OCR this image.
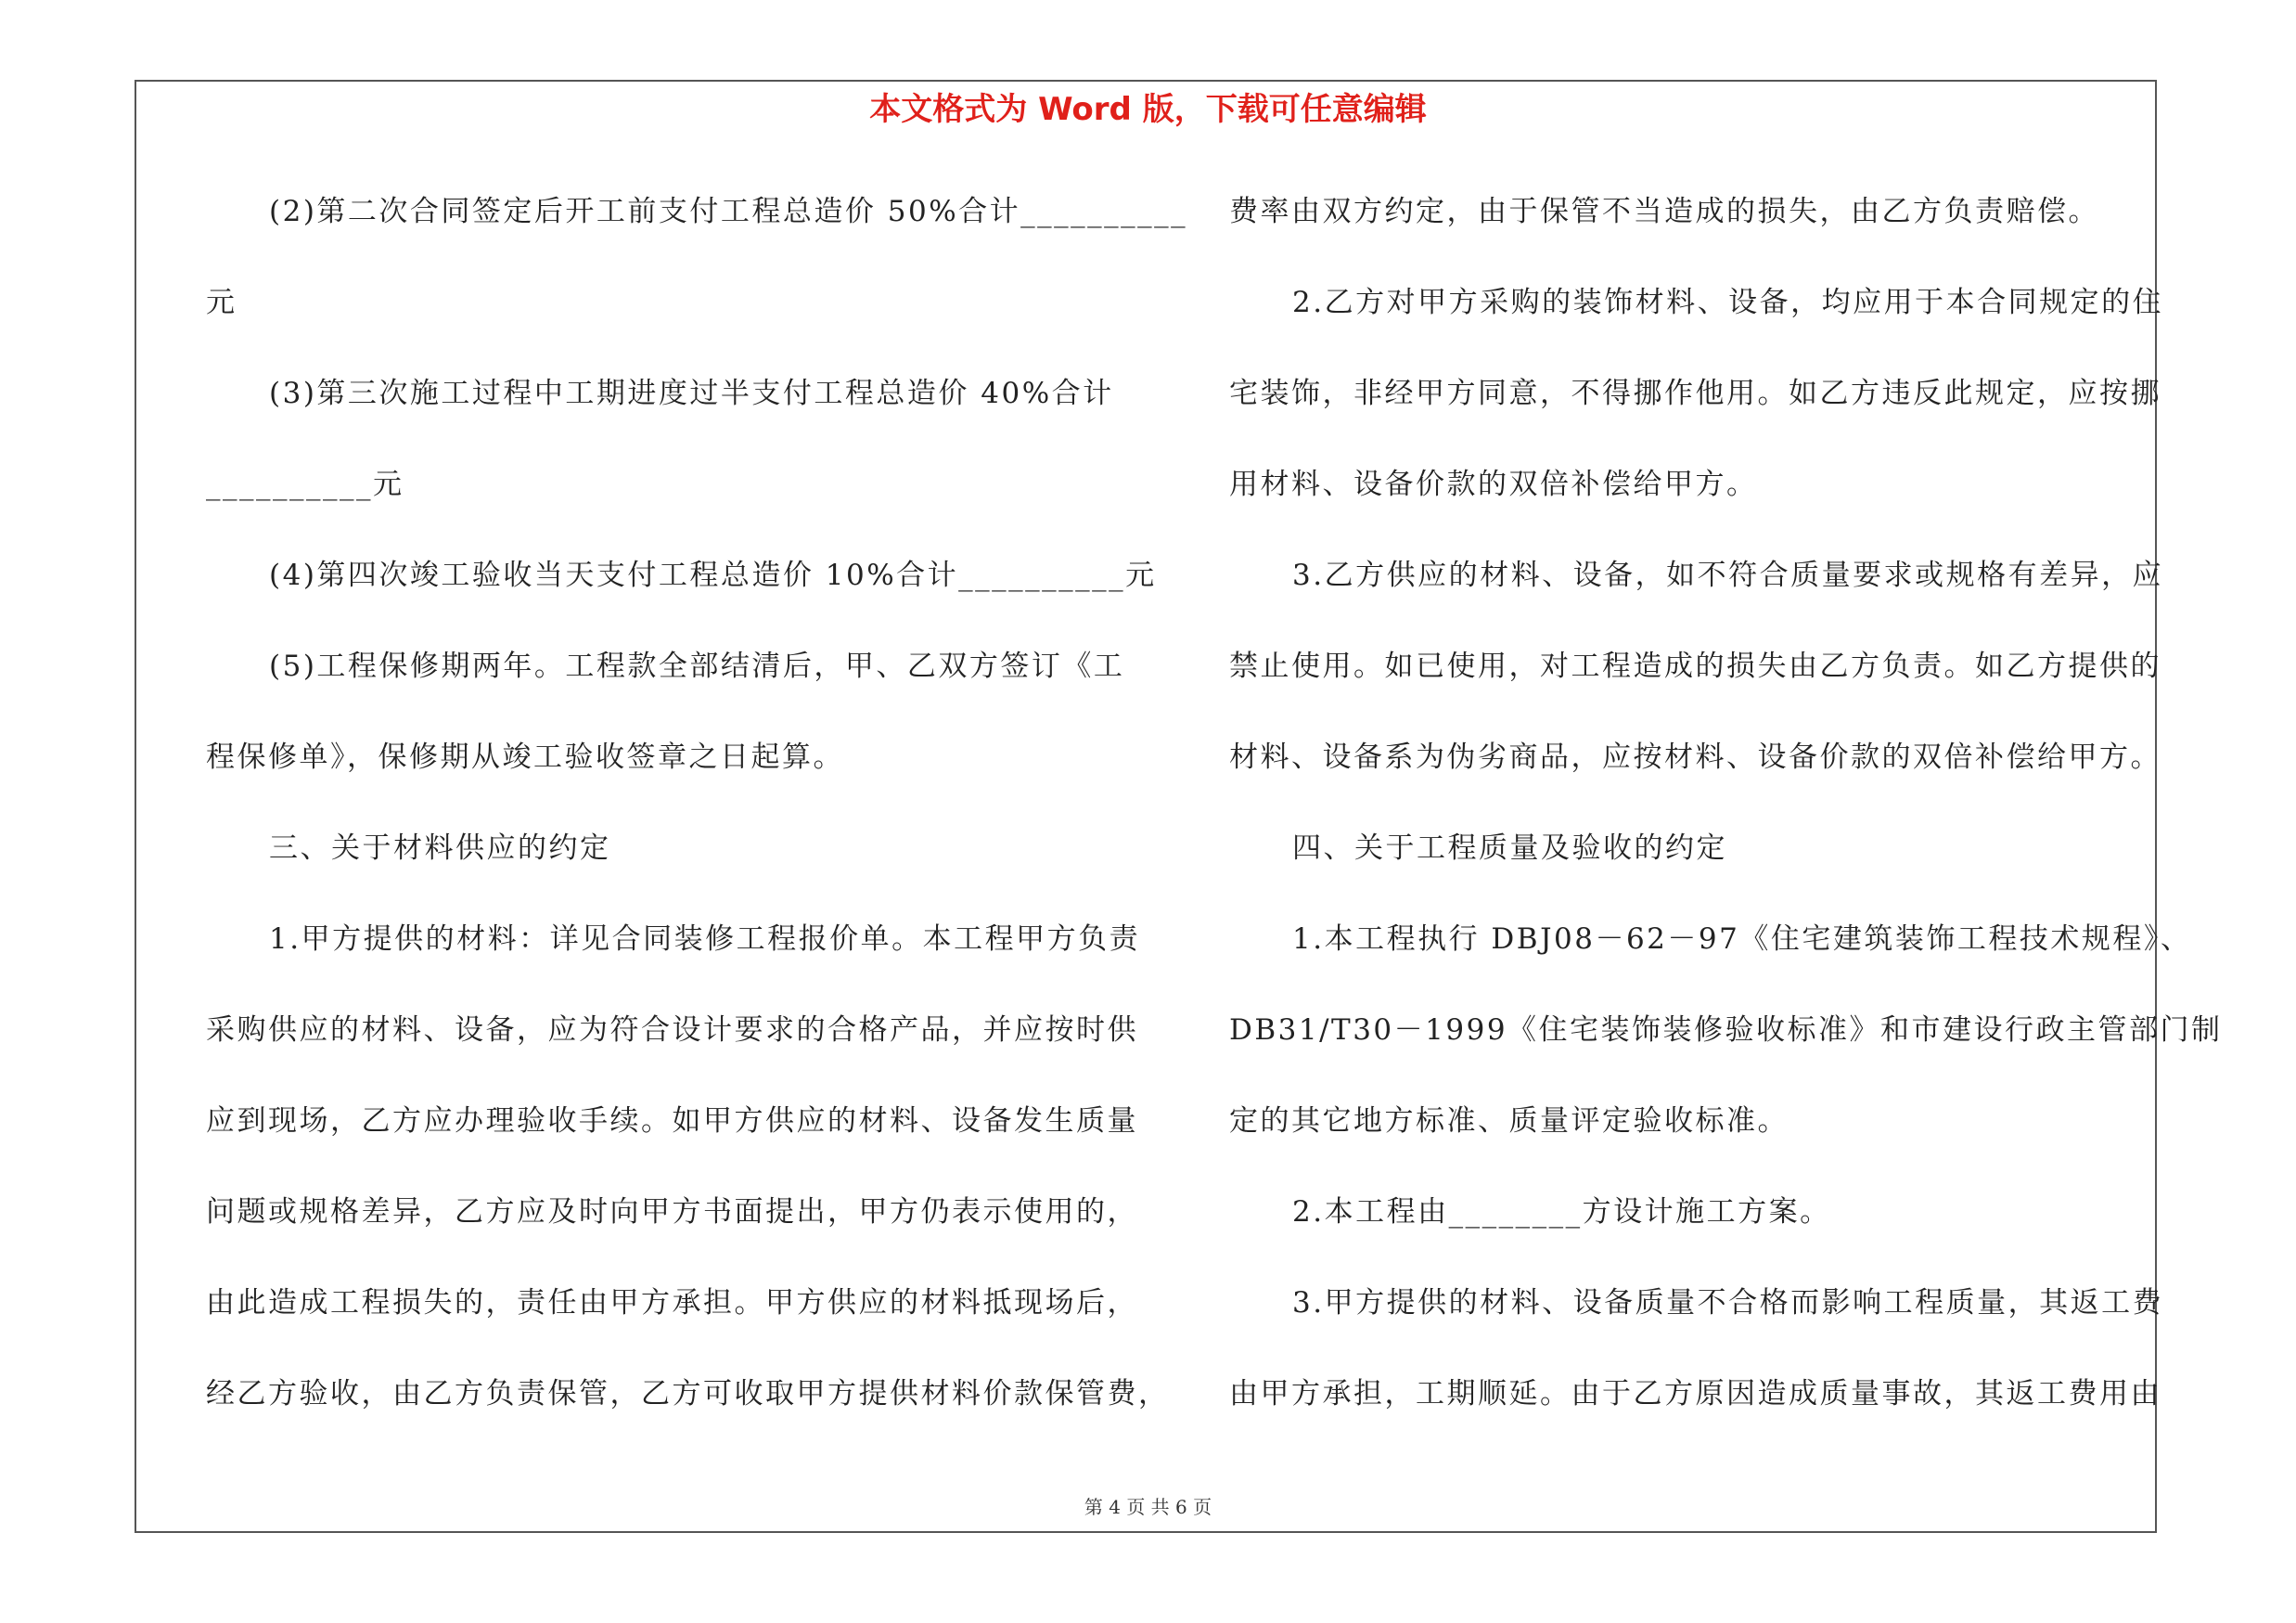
本文格式为 Word 版，下载可任意编辑
(2)第二次合同签定后开工前支付工程总造价 50%合计__________
元
(3)第三次施工过程中工期进度过半支付工程总造价 40%合计
__________元
(4)第四次竣工验收当天支付工程总造价 10%合计__________元
(5)工程保修期两年。工程款全部结清后，甲、乙双方签订《工
程保修单》，保修期从竣工验收签章之日起算。
三、关于材料供应的约定
1.甲方提供的材料：详见合同装修工程报价单。本工程甲方负责
采购供应的材料、设备，应为符合设计要求的合格产品，并应按时供
应到现场，乙方应办理验收手续。如甲方供应的材料、设备发生质量
问题或规格差异，乙方应及时向甲方书面提出，甲方仍表示使用的，
由此造成工程损失的，责任由甲方承担。甲方供应的材料抵现场后，
经乙方验收，由乙方负责保管，乙方可收取甲方提供材料价款保管费，
费率由双方约定，由于保管不当造成的损失，由乙方负责赔偿。
2.乙方对甲方采购的装饰材料、设备，均应用于本合同规定的住
宅装饰，非经甲方同意，不得挪作他用。如乙方违反此规定，应按挪
用材料、设备价款的双倍补偿给甲方。
3.乙方供应的材料、设备，如不符合质量要求或规格有差异，应
禁止使用。如已使用，对工程造成的损失由乙方负责。如乙方提供的
材料、设备系为伪劣商品，应按材料、设备价款的双倍补偿给甲方。
四、关于工程质量及验收的约定
1.本工程执行 DBJ08－62－97《住宅建筑装饰工程技术规程》、
DB31/T30－1999《住宅装饰装修验收标准》和市建设行政主管部门制
定的其它地方标准、质量评定验收标准。
2.本工程由________方设计施工方案。
3.甲方提供的材料、设备质量不合格而影响工程质量，其返工费
由甲方承担，工期顺延。由于乙方原因造成质量事故，其返工费用由
第 4 页 共 6 页
